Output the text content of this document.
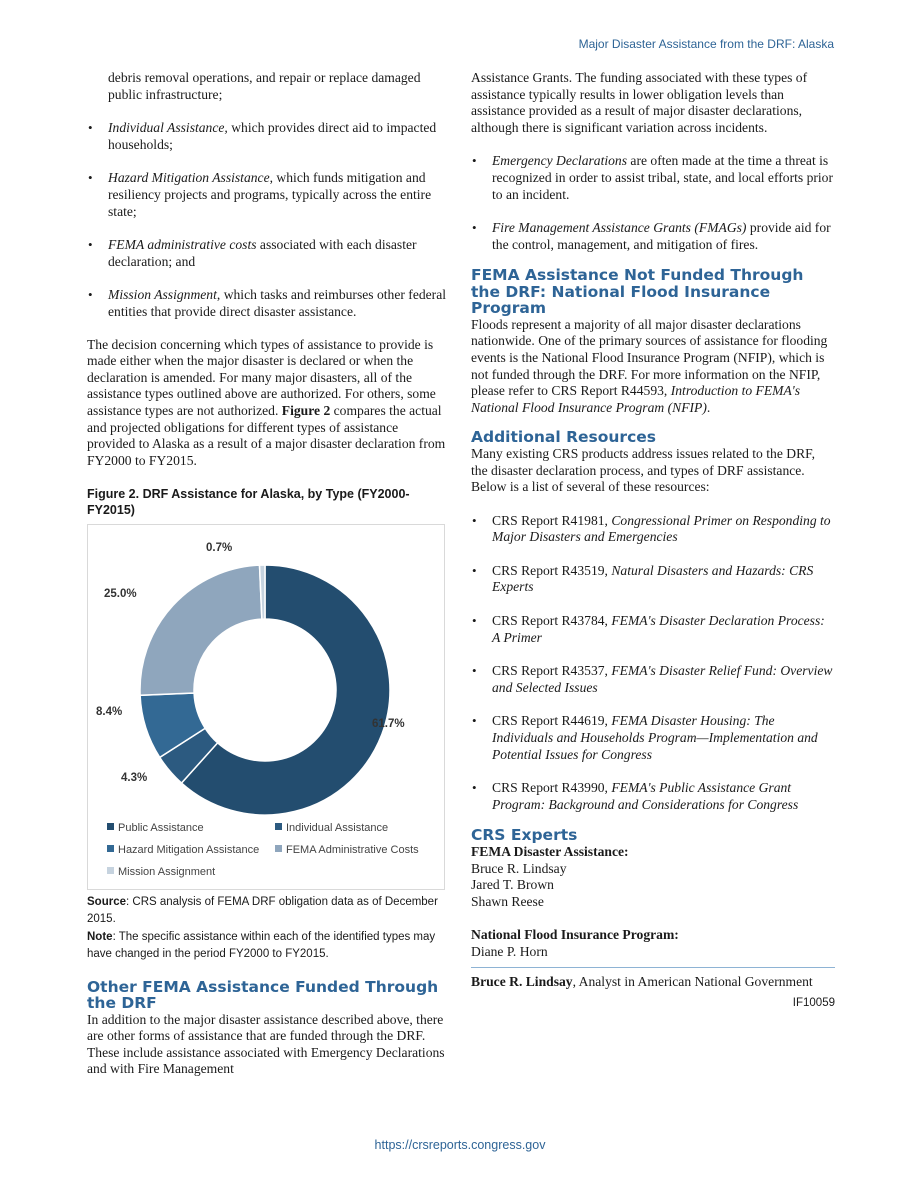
Major Disaster Assistance from the DRF: Alaska

debris removal operations, and repair or replace damaged public infrastructure;

• Individual Assistance, which provides direct aid to impacted households;
• Hazard Mitigation Assistance, which funds mitigation and resiliency projects and programs, typically across the entire state;
• FEMA administrative costs associated with each disaster declaration; and
• Mission Assignment, which tasks and reimburses other federal entities that provide direct disaster assistance.

The decision concerning which types of assistance to provide is made either when the major disaster is declared or when the declaration is amended. For many major disasters, all of the assistance types outlined above are authorized. For others, some assistance types are not authorized. Figure 2 compares the actual and projected obligations for different types of assistance provided to Alaska as a result of a major disaster declaration from FY2000 to FY2015.

Figure 2. DRF Assistance for Alaska, by Type (FY2000-FY2015)

61.7%
4.3%
8.4%
25.0%
0.7%
Public Assistance	Individual Assistance
Hazard Mitigation Assistance FEMA Administrative Costs
Mission Assignment

Source: CRS analysis of FEMA DRF obligation data as of December 2015.

Note: The specific assistance within each of the identified types may have changed in the period FY2000 to FY2015.

Other FEMA Assistance Funded Through the DRF

In addition to the major disaster assistance described above, there are other forms of assistance that are funded through the DRF. These include assistance associated with Emergency Declarations and with Fire Management

Assistance Grants. The funding associated with these types of assistance typically results in lower obligation levels than assistance provided as a result of major disaster declarations, although there is significant variation across incidents.

• Emergency Declarations are often made at the time a threat is recognized in order to assist tribal, state, and local efforts prior to an incident.
• Fire Management Assistance Grants (FMAGs) provide aid for the control, management, and mitigation of fires.
FEMA Assistance Not Funded Through the DRF: National Flood Insurance Program

Floods represent a majority of all major disaster declarations nationwide. One of the primary sources of assistance for flooding events is the National Flood Insurance Program (NFIP), which is not funded through the DRF. For more information on the NFIP, please refer to CRS Report R44593, Introduction to FEMA's National Flood Insurance Program (NFIP).

Additional Resources

Many existing CRS products address issues related to the DRF, the disaster declaration process, and types of DRF assistance. Below is a list of several of these resources:

• CRS Report R41981, Congressional Primer on Responding to Major Disasters and Emergencies
• CRS Report R43519, Natural Disasters and Hazards: CRS Experts
• CRS Report R43784, FEMA's Disaster Declaration Process: A Primer
• CRS Report R43537, FEMA's Disaster Relief Fund: Overview and Selected Issues
• CRS Report R44619, FEMA Disaster Housing: The Individuals and Households Program—Implementation and Potential Issues for Congress
• CRS Report R43990, FEMA's Public Assistance Grant Program: Background and Considerations for Congress
CRS Experts

FEMA Disaster Assistance:

Bruce R. Lindsay

Jared T. Brown

Shawn Reese

National Flood Insurance Program:

Diane P. Horn

Bruce R. Lindsay, Analyst in American National Government

IF10059

https://crsreports.congress.gov
